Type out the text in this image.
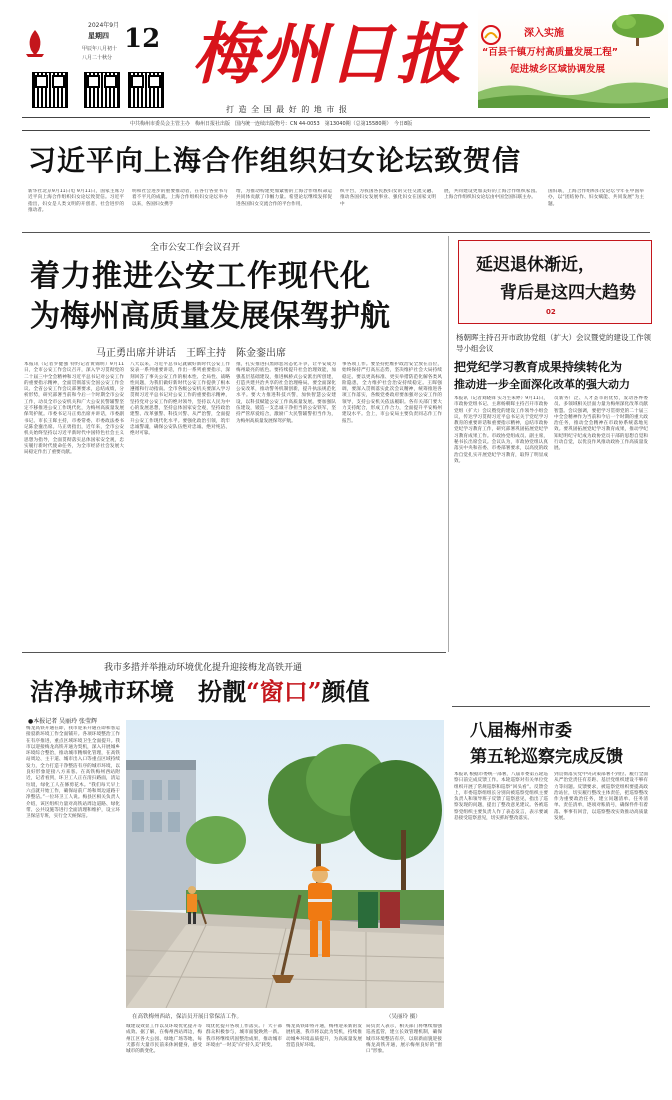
2024年9月
星期四
甲辰年八月初十
八月二十秋分
12 梅州日报
打 造 全 国 最 好 的 地 市 报
深入实施
“百县千镇万村高质量发展工程”
促进城乡区域协调发展
中共梅州市委员会主管主办　梅州日报社出版　国内统一连续出版物号：CN 44-0053　第13040期（总第15580期）　今日8版
习近平向上海合作组织妇女论坛致贺信
新华社北京9月11日电 9月11日，国家主席习近平向上海合作组织妇女论坛致贺信。习近平指出，妇女是人类文明的开创者、社会进步的推动者。
明和社会进步的重要推动者，在各行各业书写着不平凡的成就。上海合作组织妇女论坛举办以来，各国妇女携手
增，为推动构建更加紧密的上海合作组织命运共同体贡献了巾帼力量。希望论坛继续发挥促进各国妇女交流合作的平台作用，
织平台，为我国各民族妇女的交往交流交融、推动各国妇女发展事业、强化妇女在国家文明中
展，共同建设更加美好的上海合作组织家园。上海合作组织妇女论坛由中国全国妇联主办。
国妇联，上海合作组织妇女论坛今年在中国举办，以“团结协作、妇女赋能、共同发展”为主题。
全市公安工作会议召开
着力推进公安工作现代化
为梅州高质量发展保驾护航
马正勇出席并讲话　王晖主持　陈金銮出席
本报讯（记者罗健强 特约记者黄锦明）9月11日，全市公安工作会议召开，深入学习贯彻党的二十届三中全会精神和习近平总书记对公安工作的重要指示精神，全面贯彻落实全国公安工作会议、全省公安工作会议部署要求，总结成绩，分析形势，研究部署当前和今后一个时期全市公安工作，动员全市公安机关和广大公安民警辅警坚定不移推进公安工作现代化，为梅州高质量发展保驾护航。市委书记马正勇出席并讲话，市委副书记、市长王晖主持，市委常委、市委政法委书记陈金銮出席。马正勇指出，近年来，全市公安机关始终坚持以习近平新时代中国特色社会主义思想为指导，全面贯彻落实总体国家安全观，忠实履行新时代使命任务，为全市经济社会发展大局稳定作出了重要贡献。
八大以来，习近平总书记就做好新时代公安工作发表一系列重要讲话，作出一系列重要指示，深刻回答了事关公安工作的根本性、全局性、战略性问题，为我们做好新时代公安工作提供了根本遵循和行动指南。全市各级公安机关要深入学习贯彻习近平总书记对公安工作的重要指示精神，坚持党对公安工作的绝对领导，坚持以人民为中心的发展思想，坚持总体国家安全观，坚持政治建警、改革强警、科技兴警、从严治警，全面提升公安工作现代化水平。要强化政治引领，筑牢忠诚警魂，确保公安队伍绝对忠诚、绝对纯洁、绝对可靠。
推，扎实推进扫黑除恶常态化斗争，让平安成为梅州最亮的底色。要持续提升社会治理效能，加强基层基础建设，推进枫桥式公安派出所创建，打造共建共治共享的社会治理格局。要全面深化公安改革，推动警务机制创新，提升执法规范化水平。要大力推进科技兴警，加快智慧公安建设，以科技赋能公安工作高质量发展。要加强队伍建设，锻造一支忠诚干净担当的公安铁军，坚持严管厚爱结合，激励广大民警辅警担当作为，为梅州高质量发展保驾护航。
事各项工作。要坚持把维护政治安全放在首位，始终保持严打高压态势，坚决维护社会大局持续稳定。要以更高标准、更实举措防范化解各类风险隐患，全力维护社会治安持续稳定。王晖强调，要深入贯彻落实此次会议精神，统筹推进各项工作落实，各级党委政府要加强对公安工作的领导，支持公安机关依法履职。各有关部门要大力支持配合，形成工作合力，全面提升平安梅州建设水平。会上，市公安局主要负责同志作工作报告。
延迟退休渐近，
背后是这四大趋势
02
杨朝晖主持召开市政协党组（扩大）会议暨党的建设工作领导小组会议
把党纪学习教育成果持续转化为
推动进一步全面深化改革的强大动力
本报讯（记者刘晓锋 实习生朱婷）9月11日，市政协党组书记、主席杨朝晖主持召开市政协党组（扩大）会议暨党的建设工作领导小组会议，传达学习贯彻习近平总书记关于党纪学习教育的重要讲话和重要指示精神，总结市政协党纪学习教育工作，研究部署巩固拓展党纪学习教育成果工作。市政协党组成员、副主席，秘书长出席会议。会议认为，市政协党组认真落实中央和省委、市委部署要求，以高度的政治自觉扎实开展党纪学习教育，取得了明显成效。
员新务广泛、人才荟萃的优势，发动各界委员、多领域相关层面力量为梅州深化改革贡献智慧。会议强调，要把学习贯彻党的二十届三中全会精神作为当前和今后一个时期的重大政治任务，推动全会精神在市政协系统落地见效。要巩固拓展党纪学习教育成果，推动学纪知纪明纪守纪成为政协党员干部的思想自觉和行动自觉，以优良作风推动政协工作高质量发展。
我市多措并举推动环境优化提升迎接梅龙高铁开通
洁净城市环境　扮靓“窗口”颜值
●本报记者 吴丽玲 张莹辉
梅龙高铁开通在即，我市迎来开通在即和客运接驳新环境工作全面铺开。各项环境整治工作在有序推进，重点区域环境卫生全面提升。我市以迎接梅龙高铁开通为契机，深入开展城乡环境综合整治，推动城市精细化管理，在高铁站周边、主干道、城市出入口等重点区域持续发力，全力打造干净整洁有序的城市环境，以良好形象迎接八方来客。在高铁梅州西站附近，记者看到，环卫工人正在清扫路面，清运垃圾，绿化工人在修剪花木。“我们每天早上六点就开始工作，确保站前广场和周边道路干净整洁。”一位环卫工人说。梅县区相关负责人介绍，该区组织力量对高铁站周边道路、绿化带、公共设施等进行全面清理和维护，设立环卫保洁专班，实行全天候保洁。
在高铁梅州西站，保洁员开展日常保洁工作。	（吴丽玲 摄）
城建设效显工作以及环境优化提升等成效。据了解，在梅州西站周边，梅州江区各大公园、绿地广场等地，每天都有大量市民前来休闲健身，感受城市的新变化。
境优化提升各项工作落实。广大干部群众积极参与，城市面貌焕然一新。我市将继续巩固整治成果，推动城市环境由“一时美”向“持久美”转变。
梅龙高铁即将开通，梅州迎来新的发展机遇，我市将以此为契机，持续推动城乡环境品质提升，为高质量发展营造良好环境。
局负责人表示，相关部门将继续加强巡查监管，建立长效管理机制，确保城市环境整洁有序，以崭新面貌迎接梅龙高铁开通，展示梅州良好的“窗口”形象。
八届梅州市委
第五轮巡察完成反馈
本报讯 根据市委统一部署，八届市委第五轮巡察日前完成反馈工作。本轮巡察对有关单位党组织开展了常规巡察和巡察“回头看”。反馈会上，市委巡察组组长分别向被巡察党组织主要负责人和领导班子反馈了巡察意见，指出了巡察发现的问题，提出了整改意见建议。各被巡察党组织主要负责人作了表态发言，表示要诚恳接受巡察意见，切实抓好整改落实。
到贯彻落实党中央决策部署不到位、履行全面从严治党责任有差距、基层党组织建设不够有力等问题。反馈要求，被巡察党组织要提高政治站位，切实履行整改主体责任，把巡察整改作为重要政治任务，建立问题清单、任务清单、责任清单，逐项对账销号，确保件件有着落、事事有回音，以巡察整改实效推动高质量发展。
